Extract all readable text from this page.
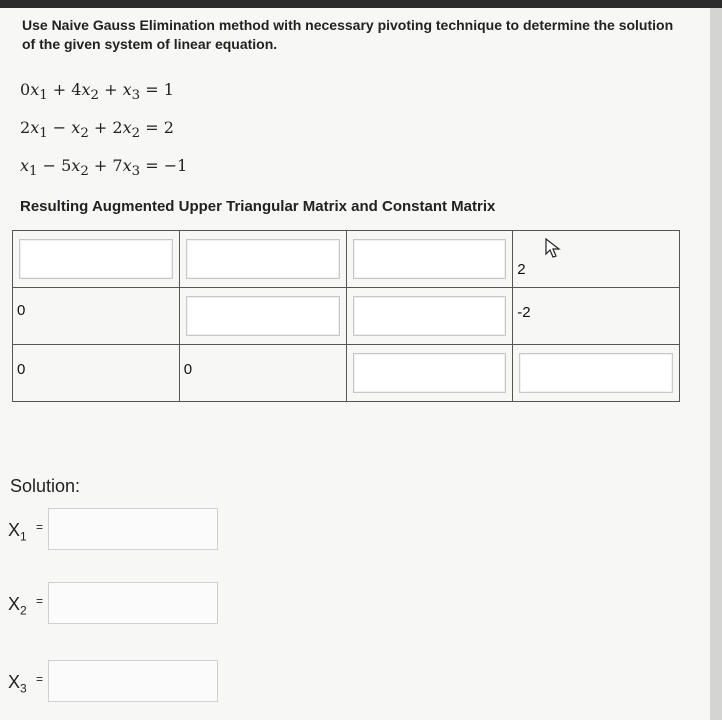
Use Naive Gauss Elimination method with necessary pivoting technique to determine the solution of the given system of linear equation.
$0x_1 + 4x_2 + x_3 = 1$
$2x_1 - x_2 + 2x_2 = 2$
$x_1 - 5x_2 + 7x_3 = -1$
Resulting Augmented Upper Triangular Matrix and Constant Matrix

			2

0			-2

0	0		

Solution:
$X_1$
=
$X_2$
=
$X_3$
=
